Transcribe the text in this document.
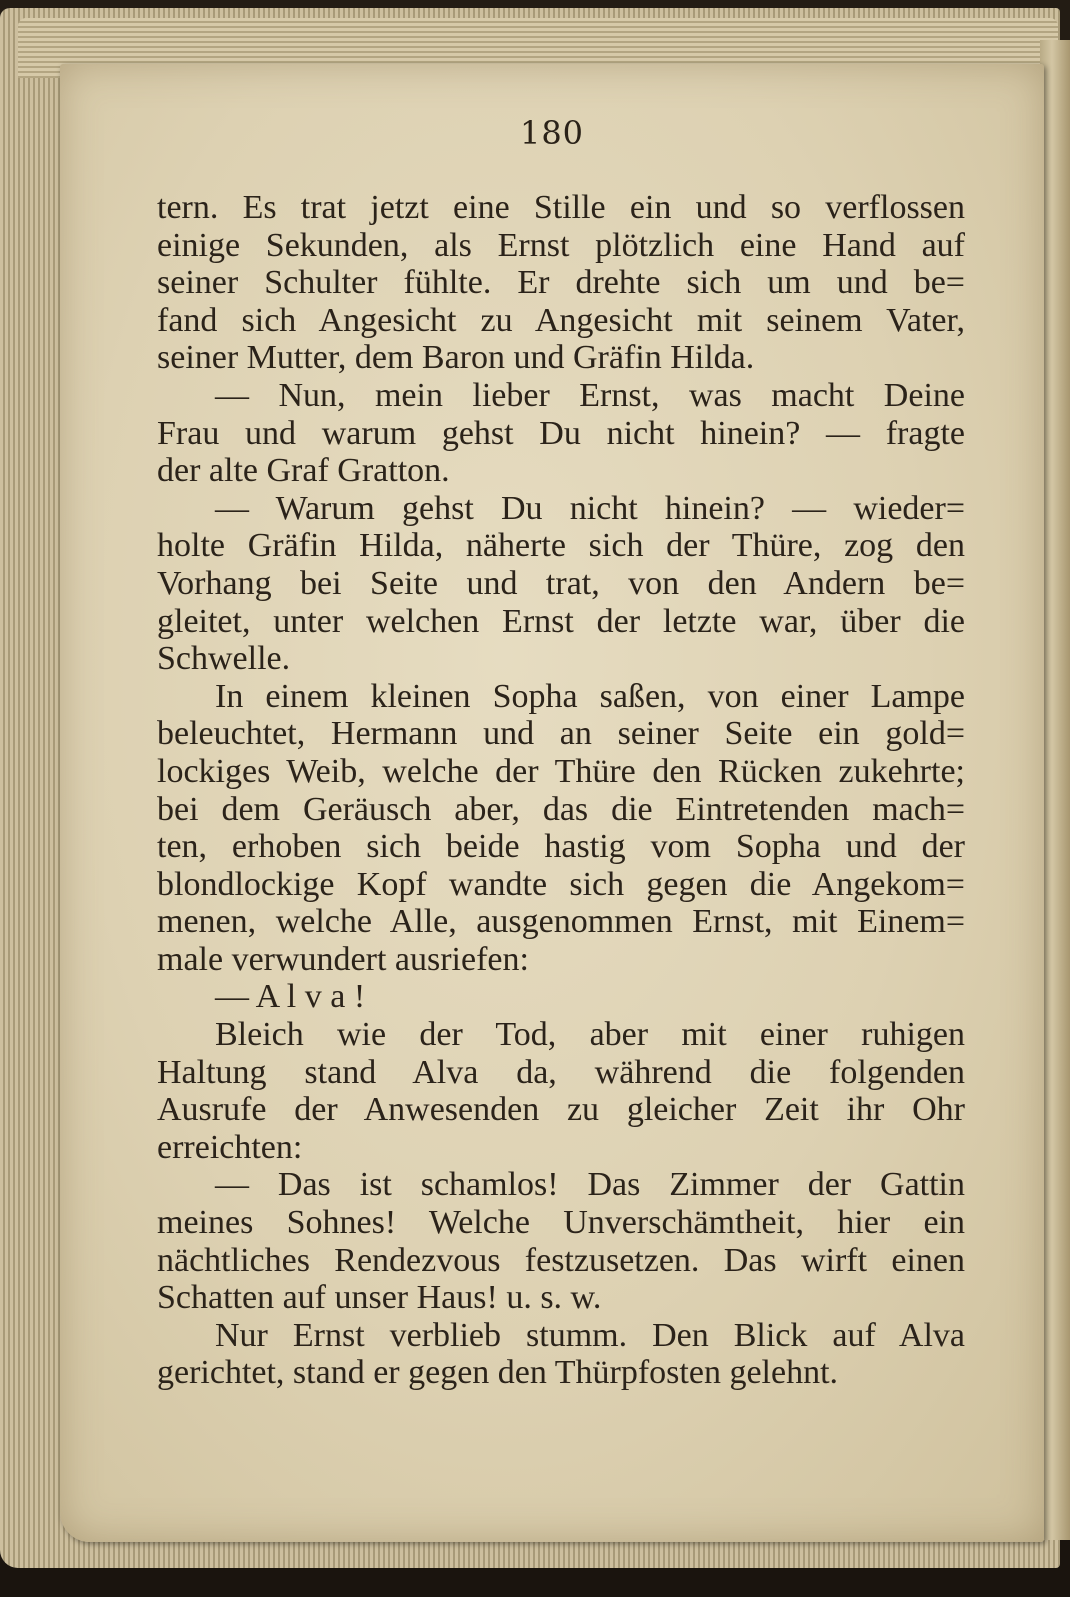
180
tern. Es trat jetzt eine Stille ein und so verflossen
einige Sekunden, als Ernst plötzlich eine Hand auf
seiner Schulter fühlte. Er drehte sich um und be=
fand sich Angesicht zu Angesicht mit seinem Vater,
seiner Mutter, dem Baron und Gräfin Hilda.
— Nun, mein lieber Ernst, was macht Deine
Frau und warum gehst Du nicht hinein? — fragte
der alte Graf Gratton.
— Warum gehst Du nicht hinein? — wieder=
holte Gräfin Hilda, näherte sich der Thüre, zog den
Vorhang bei Seite und trat, von den Andern be=
gleitet, unter welchen Ernst der letzte war, über die
Schwelle.
In einem kleinen Sopha saßen, von einer Lampe
beleuchtet, Hermann und an seiner Seite ein gold=
lockiges Weib, welche der Thüre den Rücken zukehrte;
bei dem Geräusch aber, das die Eintretenden mach=
ten, erhoben sich beide hastig vom Sopha und der
blondlockige Kopf wandte sich gegen die Angekom=
menen, welche Alle, ausgenommen Ernst, mit Einem=
male verwundert ausriefen:
— A l v a !
Bleich wie der Tod, aber mit einer ruhigen
Haltung stand Alva da, während die folgenden
Ausrufe der Anwesenden zu gleicher Zeit ihr Ohr
erreichten:
— Das ist schamlos! Das Zimmer der Gattin
meines Sohnes! Welche Unverschämtheit, hier ein
nächtliches Rendezvous festzusetzen. Das wirft einen
Schatten auf unser Haus! u. s. w.
Nur Ernst verblieb stumm. Den Blick auf Alva
gerichtet, stand er gegen den Thürpfosten gelehnt.
